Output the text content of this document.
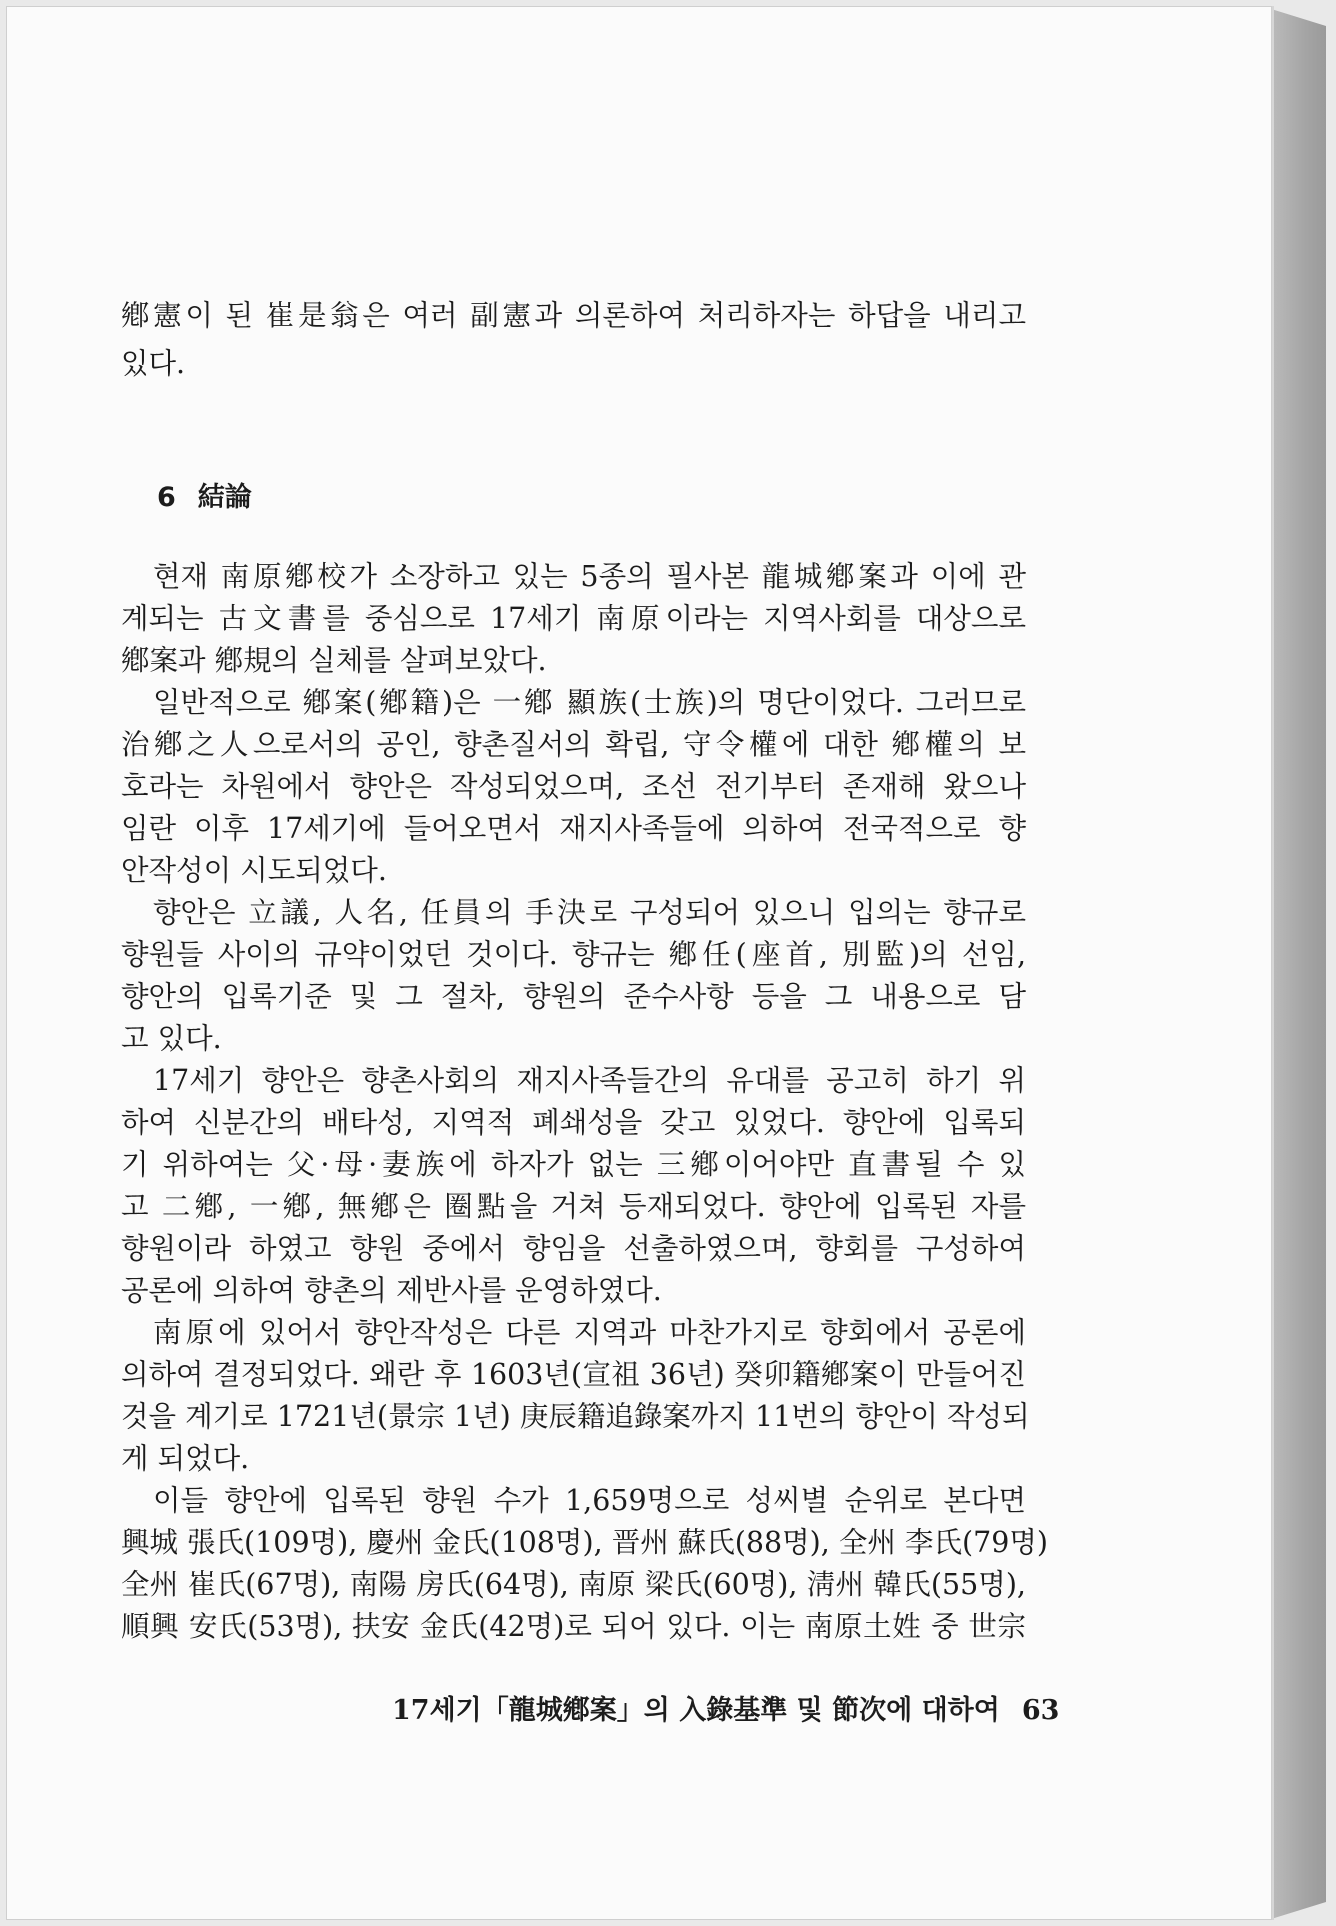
鄕憲이 된 崔是翁은 여러 副憲과 의론하여 처리하자는 하답을 내리고
있다.
6 結論
현재 南原鄕校가 소장하고 있는 5종의 필사본 龍城鄕案과 이에 관
계되는 古文書를 중심으로 17세기 南原이라는 지역사회를 대상으로
鄕案과 鄕規의 실체를 살펴보았다.
일반적으로 鄕案(鄕籍)은 一鄕 顯族(士族)의 명단이었다. 그러므로
治鄕之人으로서의 공인, 향촌질서의 확립, 守令權에 대한 鄕權의 보
호라는 차원에서 향안은 작성되었으며, 조선 전기부터 존재해 왔으나
임란 이후 17세기에 들어오면서 재지사족들에 의하여 전국적으로 향
안작성이 시도되었다.
향안은 立議, 人名, 任員의 手決로 구성되어 있으니 입의는 향규로
향원들 사이의 규약이었던 것이다. 향규는 鄕任(座首, 別監)의 선임,
향안의 입록기준 및 그 절차, 향원의 준수사항 등을 그 내용으로 담
고 있다.
17세기 향안은 향촌사회의 재지사족들간의 유대를 공고히 하기 위
하여 신분간의 배타성, 지역적 폐쇄성을 갖고 있었다. 향안에 입록되
기 위하여는 父·母·妻族에 하자가 없는 三鄕이어야만 直書될 수 있
고 二鄕, 一鄕, 無鄕은 圈點을 거쳐 등재되었다. 향안에 입록된 자를
향원이라 하였고 향원 중에서 향임을 선출하였으며, 향회를 구성하여
공론에 의하여 향촌의 제반사를 운영하였다.
南原에 있어서 향안작성은 다른 지역과 마찬가지로 향회에서 공론에
의하여 결정되었다. 왜란 후 1603년(宣祖 36년) 癸卯籍鄕案이 만들어진
것을 계기로 1721년(景宗 1년) 庚辰籍追錄案까지 11번의 향안이 작성되
게 되었다.
이들 향안에 입록된 향원 수가 1,659명으로 성씨별 순위로 본다면
興城 張氏(109명), 慶州 金氏(108명), 晋州 蘇氏(88명), 全州 李氏(79명)
全州 崔氏(67명), 南陽 房氏(64명), 南原 梁氏(60명), 淸州 韓氏(55명),
順興 安氏(53명), 扶安 金氏(42명)로 되어 있다. 이는 南原土姓 중 世宗
17세기「龍城鄕案」의 入錄基準 및 節次에 대하여 63
